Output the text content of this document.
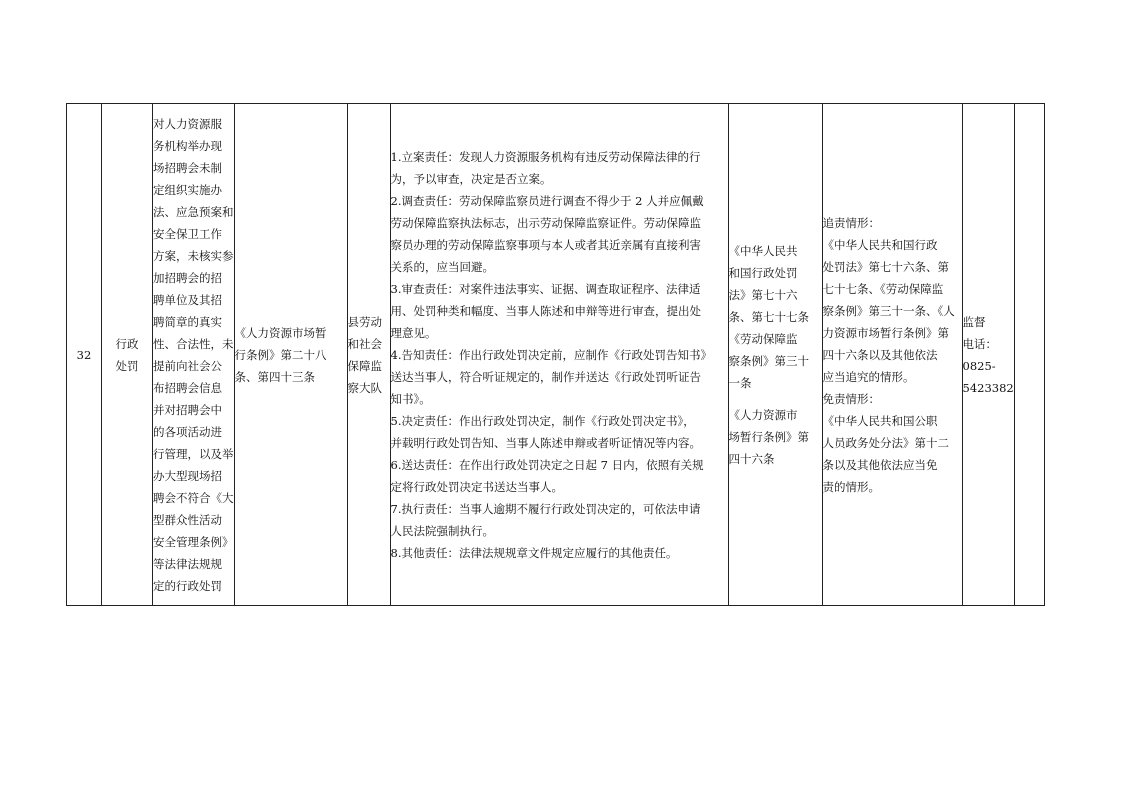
32	
行政处罚

对人力资源服
务机构举办现
场招聘会未制
定组织实施办
法、应急预案和
安全保卫工作
方案，未核实参
加招聘会的招
聘单位及其招
聘简章的真实
性、合法性，未
提前向社会公
布招聘会信息
并对招聘会中
的各项活动进
行管理，以及举
办大型现场招
聘会不符合《大
型群众性活动
安全管理条例》
等法律法规规
定的行政处罚

《人力资源市场暂
行条例》第二十八
条、第四十三条

县劳动
和社会
保障监
察大队

1.立案责任：发现人力资源服务机构有违反劳动保障法律的行
为，予以审查，决定是否立案。
2.调查责任：劳动保障监察员进行调查不得少于 2 人并应佩戴
劳动保障监察执法标志，出示劳动保障监察证件。劳动保障监
察员办理的劳动保障监察事项与本人或者其近亲属有直接利害
关系的，应当回避。
3.审查责任：对案件违法事实、证据、调查取证程序、法律适
用、处罚种类和幅度、当事人陈述和申辩等进行审查，提出处
理意见。
4.告知责任：作出行政处罚决定前，应制作《行政处罚告知书》
送达当事人，符合听证规定的，制作并送达《行政处罚听证告
知书》。
5.决定责任：作出行政处罚决定，制作《行政处罚决定书》，
并载明行政处罚告知、当事人陈述申辩或者听证情况等内容。
6.送达责任：在作出行政处罚决定之日起 7 日内，依照有关规
定将行政处罚决定书送达当事人。
7.执行责任：当事人逾期不履行行政处罚决定的，可依法申请
人民法院强制执行。
8.其他责任：法律法规规章文件规定应履行的其他责任。

《中华人民共
和国行政处罚
法》第七十六
条、第七十七条
《劳动保障监
察条例》第三十
一条
《人力资源市
场暂行条例》第
四十六条

追责情形：
《中华人民共和国行政
处罚法》第七十六条、第
七十七条、《劳动保障监
察条例》第三十一条、《人
力资源市场暂行条例》第
四十六条以及其他依法
应当追究的情形。
免责情形：
《中华人民共和国公职
人员政务处分法》第十二
条以及其他依法应当免
责的情形。

监督
电话：
0825-
5423382
